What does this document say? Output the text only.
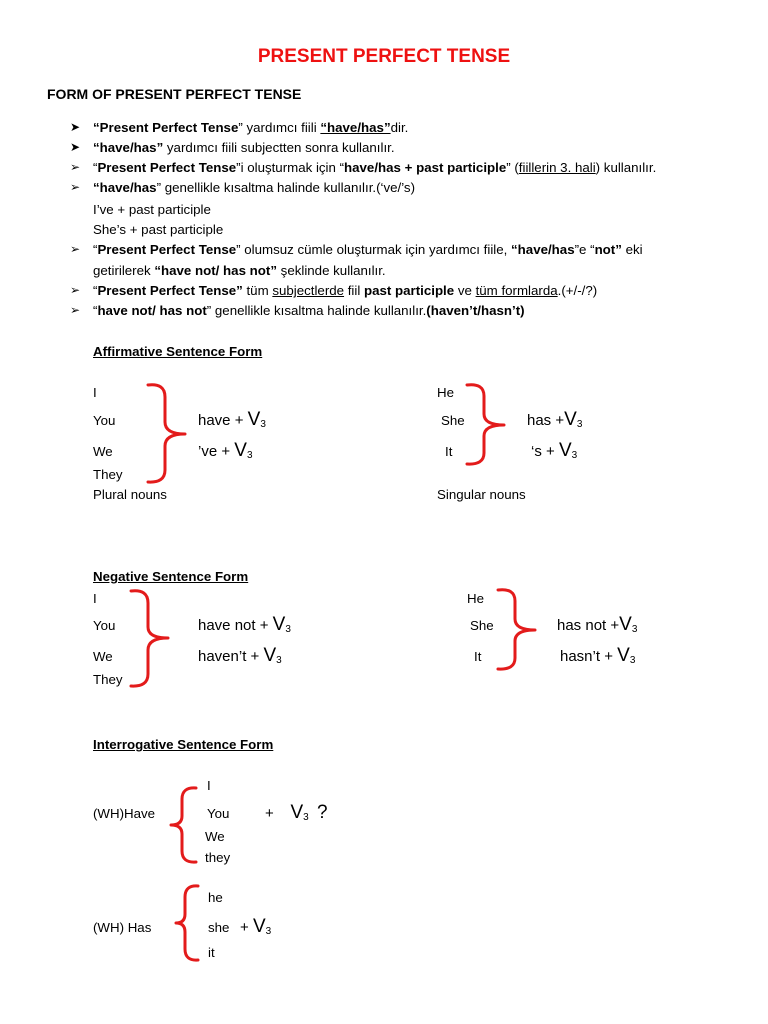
PRESENT PERFECT TENSE
FORM OF PRESENT PERFECT TENSE
➤ “Present Perfect Tense” yardımcı fiili “have/has”dir.
➤ “have/has” yardımcı fiili subjectten sonra kullanılır.
➢ “Present Perfect Tense”i oluşturmak için “have/has + past participle” (fiillerin 3. hali) kullanılır.
➢ “have/has” genellikle kısaltma halinde kullanılır.(‘ve/’s)
I’ve + past participle
She’s + past participle
➢ “Present Perfect Tense” olumsuz cümle oluşturmak için yardımcı fiile, “have/has”e “not” eki
getirilerek “have not/ has not” şeklinde kullanılır.
➢ “Present Perfect Tense” tüm subjectlerde fiil past participle ve tüm formlarda.(+/-/?)
➢ “have not/ has not” genellikle kısaltma halinde kullanılır.(haven’t/hasn’t)
Affirmative Sentence Form
I
You
We
They
Plural nouns
have + $V_3$
’ve + $V_3$
He
She
It
Singular nouns
has $+V_3$
‘$s + V_3$
Negative Sentence Form
I
You
We
They
have not + $V_3$
haven’t + $V_3$
He
She
It
has not $+V_3$
hasn’t + $V_3$
Interrogative Sentence Form
(WH)Have
I
You
We
they
+ $V_3$ ?
(WH) Has
he
she
it
+ $V_3$
